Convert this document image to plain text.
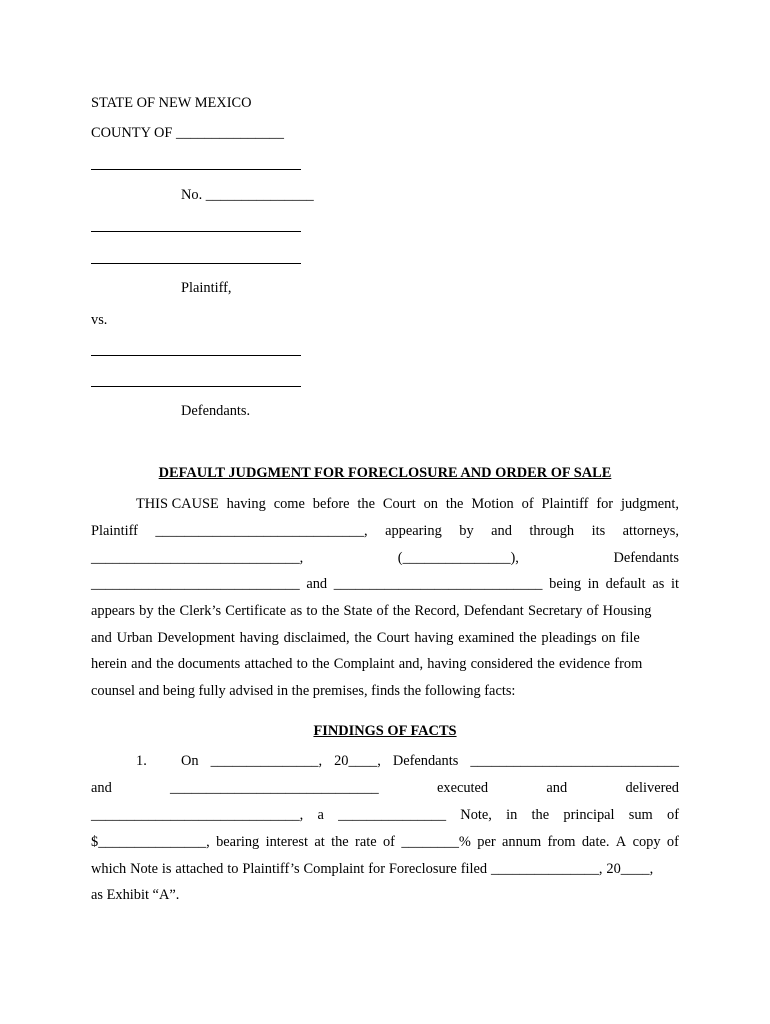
STATE OF NEW MEXICO
COUNTY OF _______________
No. _______________
Plaintiff,
vs.
Defendants.
DEFAULT JUDGMENT FOR FORECLOSURE AND ORDER OF SALE
THIS CAUSE having come before the Court on the Motion of Plaintiff for judgment,
Plaintiff _____________________________, appearing by and through its attorneys,
_____________________________,	(_______________),	Defendants
_____________________________ and _____________________________ being in default as it
appears by the Clerk’s Certificate as to the State of the Record, Defendant Secretary of Housing
and Urban Development having disclaimed, the Court having examined the pleadings on file
herein and the documents attached to the Complaint and, having considered the evidence from
counsel and being fully advised in the premises, finds the following facts:
FINDINGS OF FACTS
1. On _______________, 20____, Defendants _____________________________
and	_____________________________	executed	and	delivered
_____________________________, a _______________ Note, in the principal sum of
$_______________, bearing interest at the rate of ________% per annum from date. A copy of
which Note is attached to Plaintiff’s Complaint for Foreclosure filed _______________, 20____,
as Exhibit “A”.
